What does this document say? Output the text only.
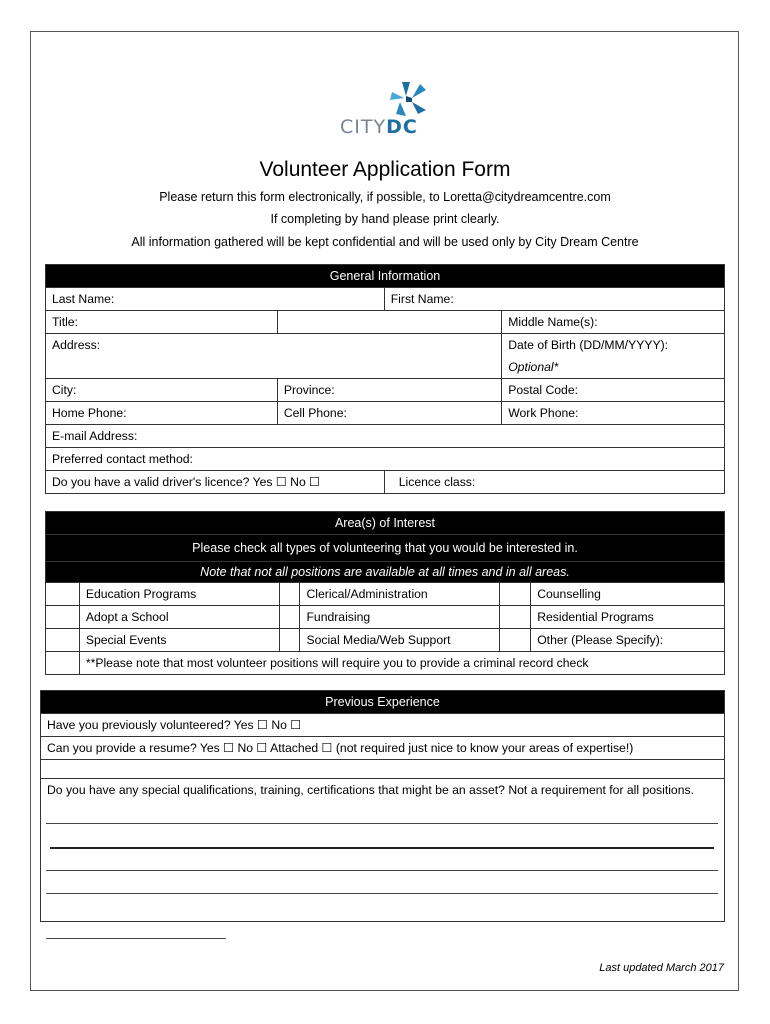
CITYDC
Volunteer Application Form
Please return this form electronically, if possible, to Loretta@citydreamcentre.com
If completing by hand please print clearly.
All information gathered will be kept confidential and will be used only by City Dream Centre
General Information			
Last Name:		First Name:	
Title:			Middle Name(s):
Address:			Date of Birth (DD/MM/YYYY):
			Optional*
City:	Province:		Postal Code:
Home Phone:	Cell Phone:		Work Phone:
E-mail Address:			
Preferred contact method:			
Do you have a valid driver's licence? Yes ☐ No ☐		Licence class:	
Area(s) of Interest					
Please check all types of volunteering that you would be interested in.					
Note that not all positions are available at all times and in all areas.					
	Education Programs		Clerical/Administration		Counselling
	Adopt a School		Fundraising		Residential Programs
	Special Events		Social Media/Web Support		Other (Please Specify):
	**Please note that most volunteer positions will require you to provide a criminal record check				
Previous Experience
Have you previously volunteered? Yes ☐ No ☐
Can you provide a resume? Yes ☐ No ☐ Attached ☐ (not required just nice to know your areas of expertise!)

Do you have any special qualifications, training, certifications that might be an asset? Not a requirement for all positions.
Last updated March 2017
